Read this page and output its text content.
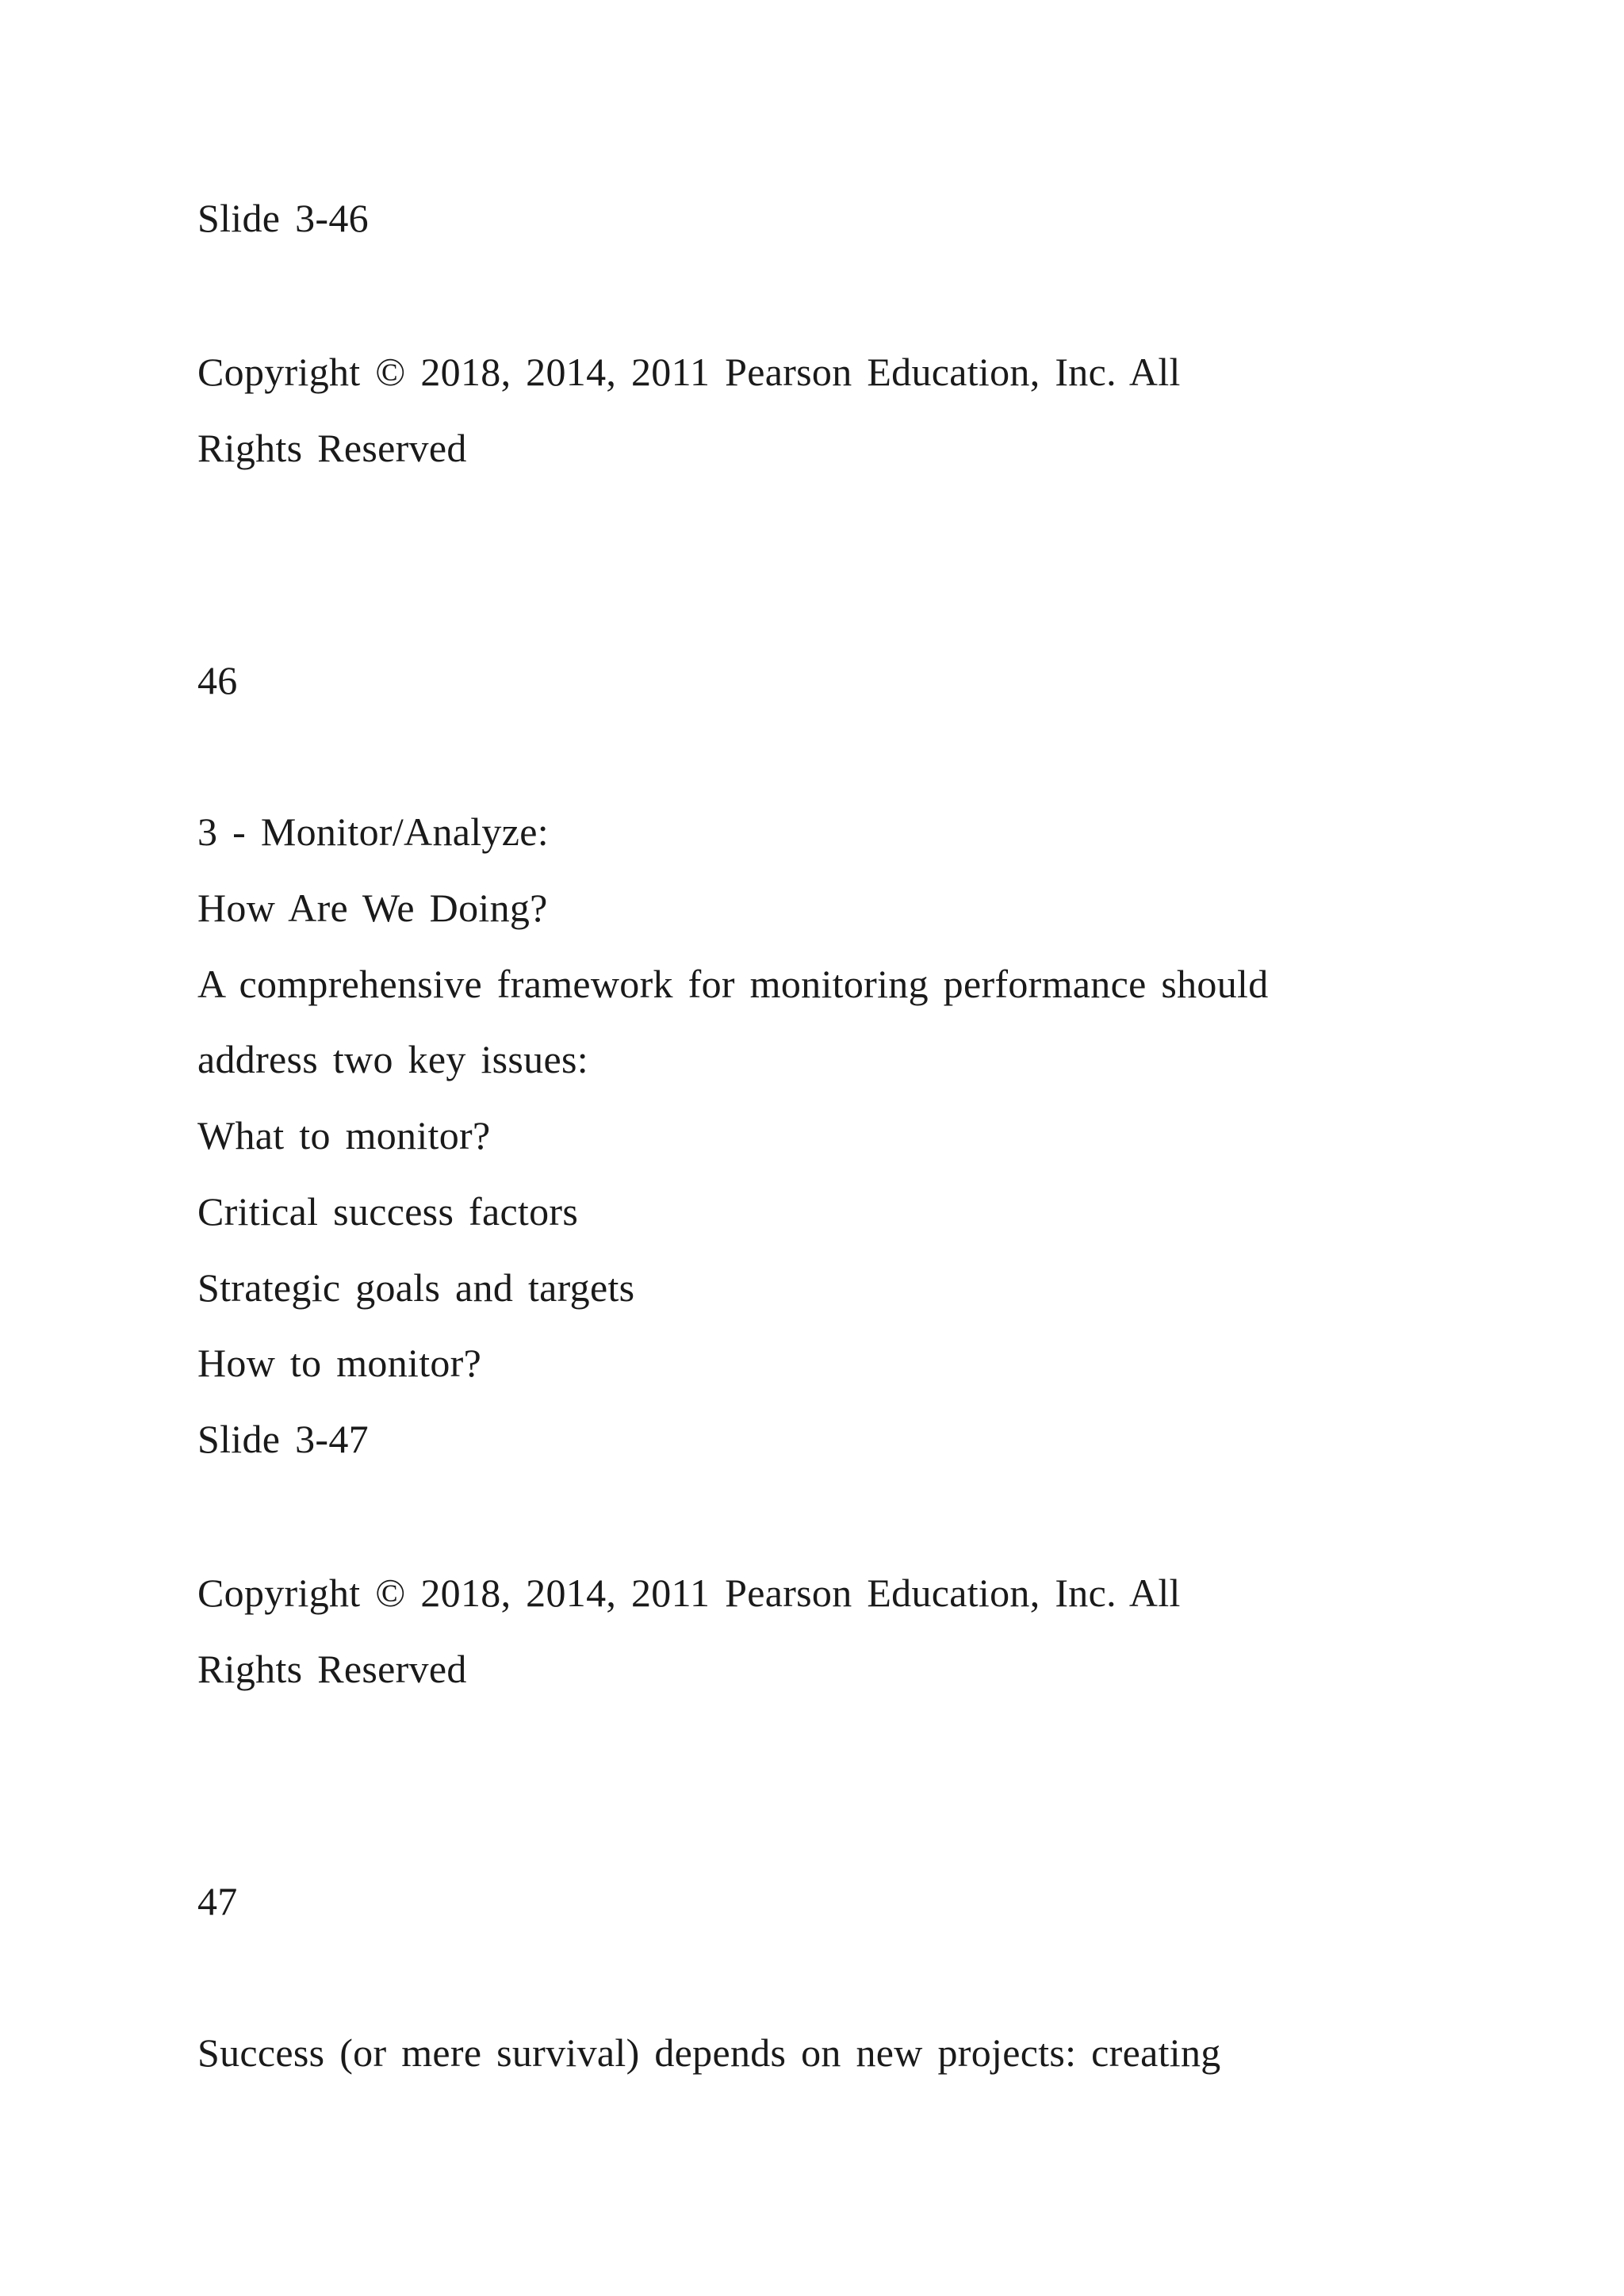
Slide 3-46
Copyright © 2018, 2014, 2011 Pearson Education, Inc. All
Rights Reserved
46
3 - Monitor/Analyze:
How Are We Doing?
A comprehensive framework for monitoring performance should
address two key issues:
What to monitor?
Critical success factors
Strategic goals and targets
How to monitor?
Slide 3-47
Copyright © 2018, 2014, 2011 Pearson Education, Inc. All
Rights Reserved
47
Success (or mere survival) depends on new projects: creating
